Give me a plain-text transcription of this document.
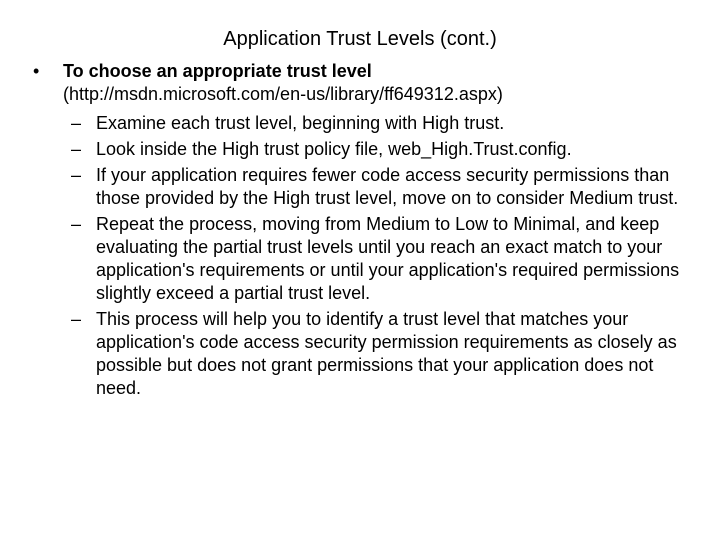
Application Trust Levels (cont.)
•	To choose an appropriate trust level
(http://msdn.microsoft.com/en-us/library/ff649312.aspx)
– Examine each trust level, beginning with High trust.
– Look inside the High trust policy file, web_High.Trust.config.
– If your application requires fewer code access security permissions than those provided by the High trust level, move on to consider Medium trust.
– Repeat the process, moving from Medium to Low to Minimal, and keep evaluating the partial trust levels until you reach an exact match to your application's requirements or until your application's required permissions slightly exceed a partial trust level.
– This process will help you to identify a trust level that matches your application's code access security permission requirements as closely as possible but does not grant permissions that your application does not need.
